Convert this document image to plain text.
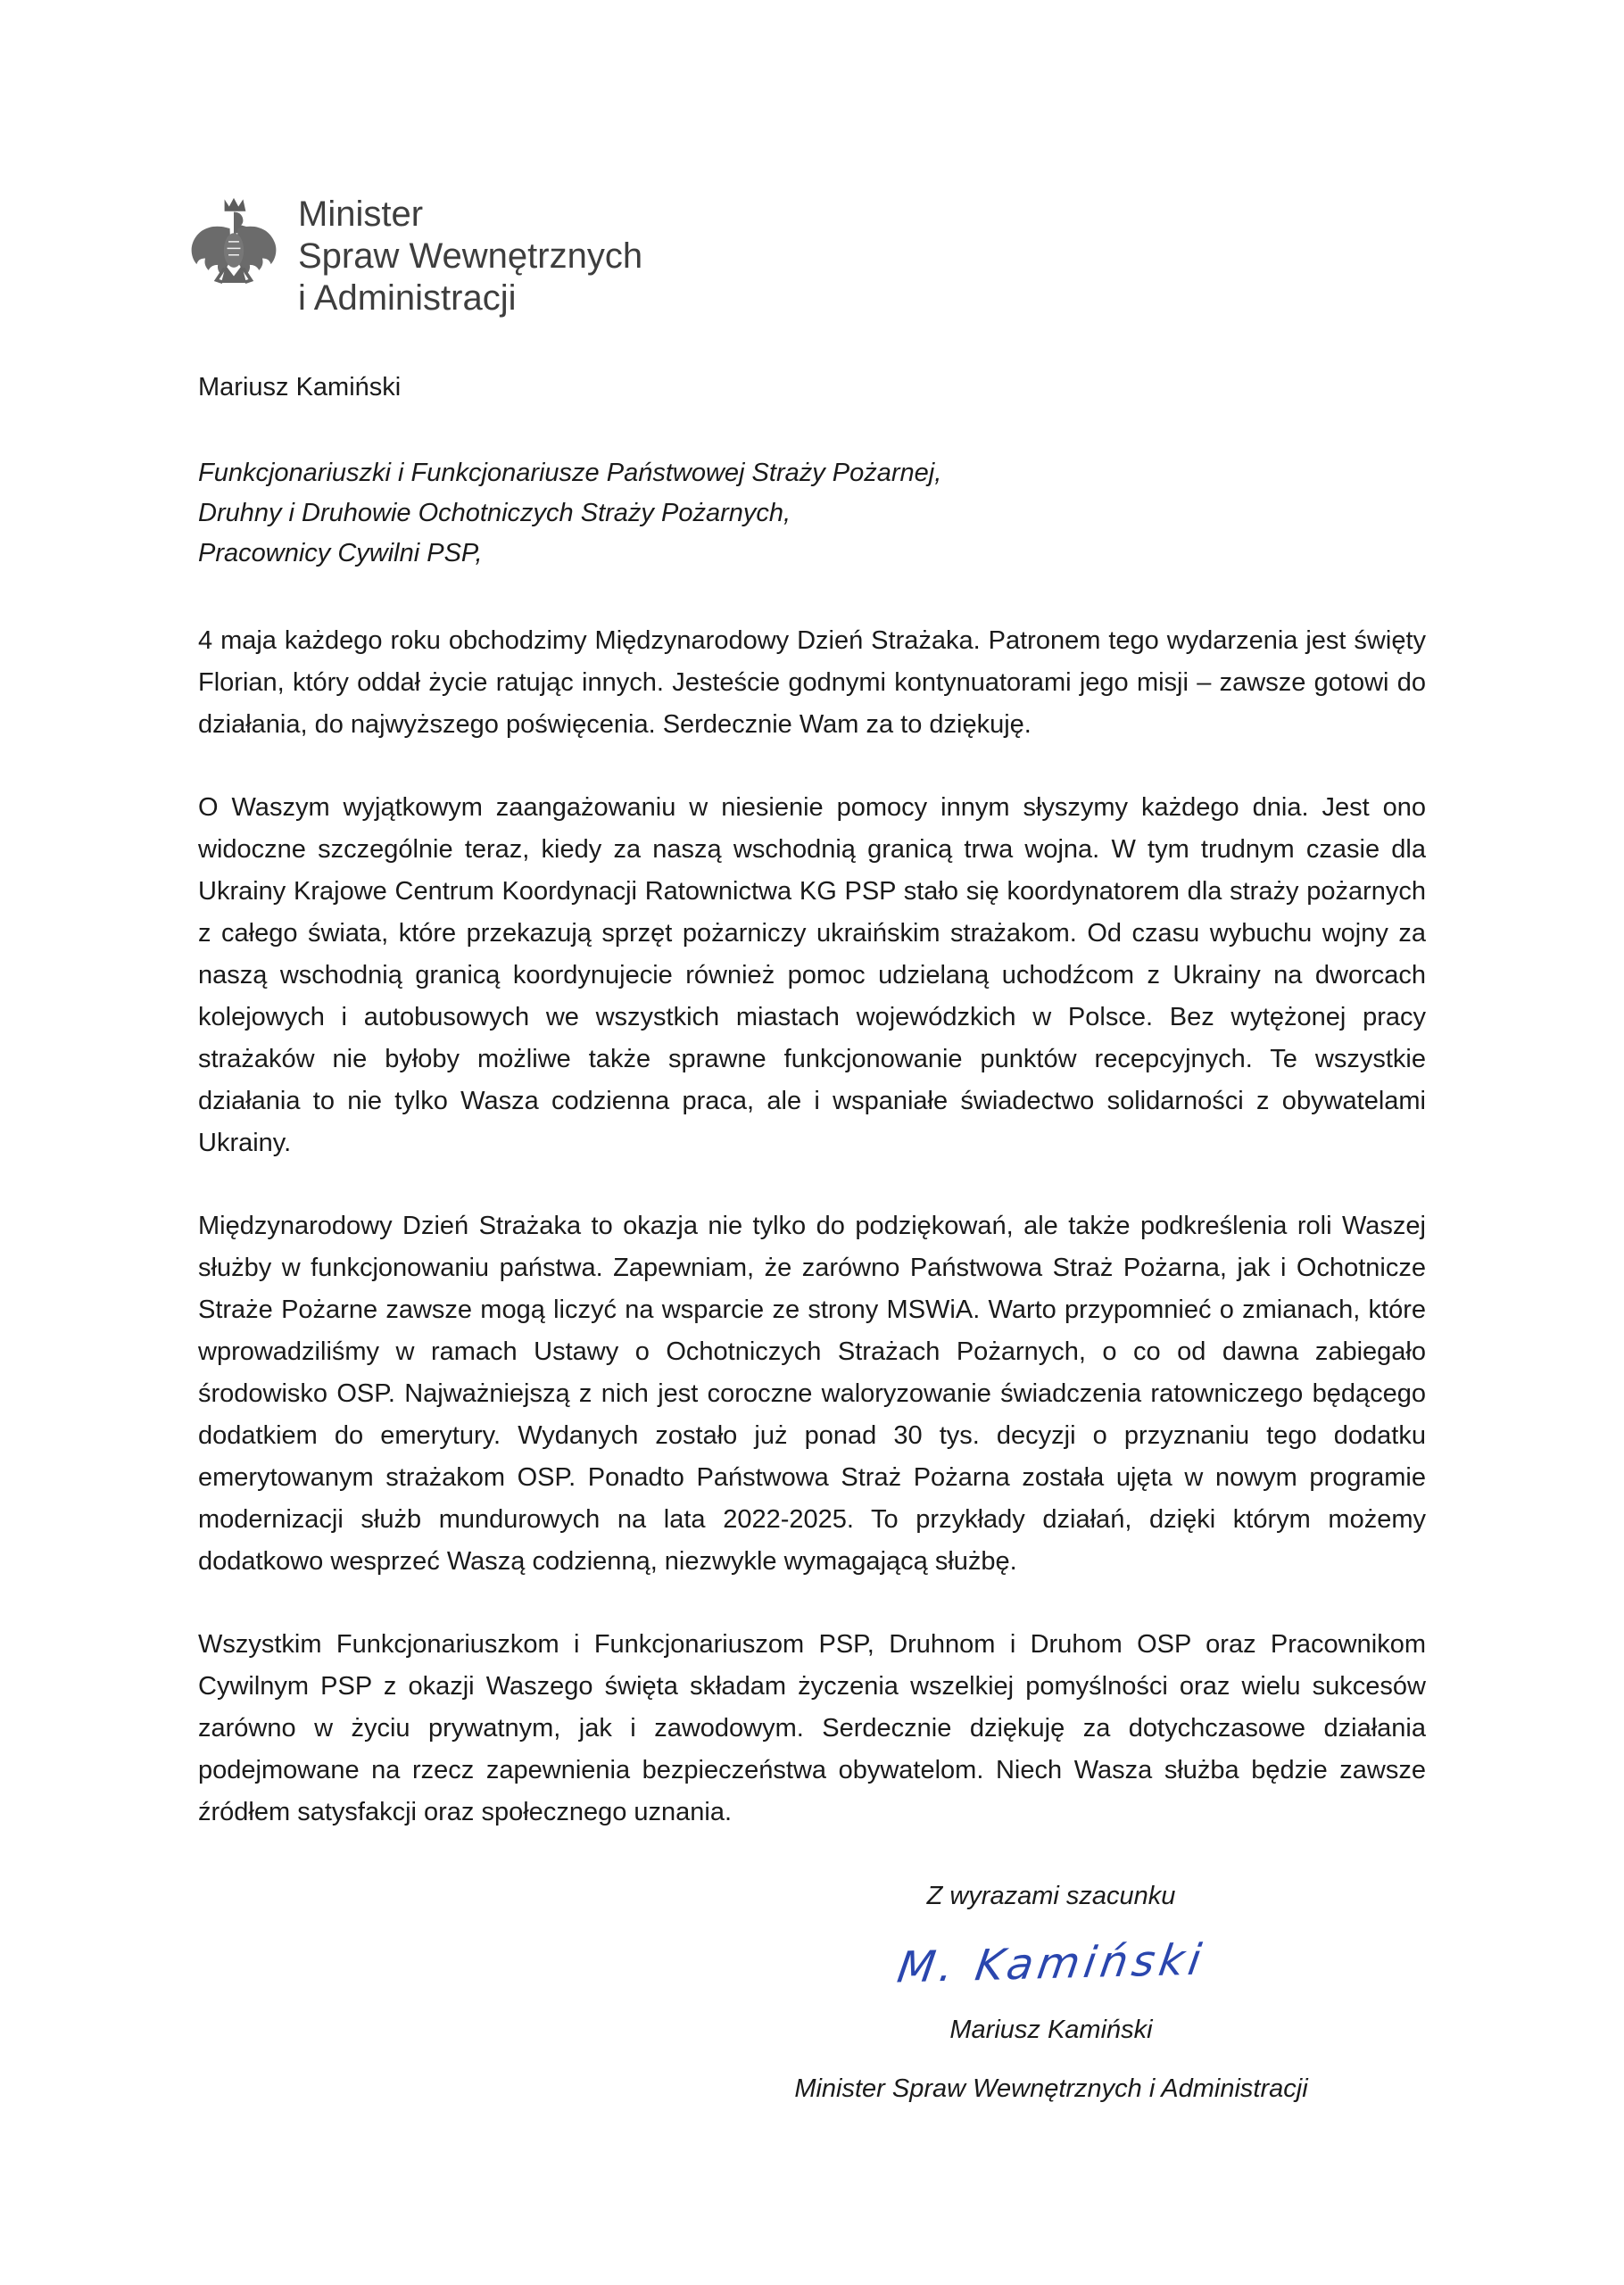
Minister
Spraw Wewnętrznych
i Administracji
Mariusz Kamiński
Funkcjonariuszki i Funkcjonariusze Państwowej Straży Pożarnej,
Druhny i Druhowie Ochotniczych Straży Pożarnych,
Pracownicy Cywilni PSP,

4 maja każdego roku obchodzimy Międzynarodowy Dzień Strażaka. Patronem tego wydarzenia jest święty Florian, który oddał życie ratując innych. Jesteście godnymi kontynuatorami jego misji – zawsze gotowi do działania, do najwyższego poświęcenia. Serdecznie Wam za to dziękuję.

O Waszym wyjątkowym zaangażowaniu w niesienie pomocy innym słyszymy każdego dnia. Jest ono widoczne szczególnie teraz, kiedy za naszą wschodnią granicą trwa wojna. W tym trudnym czasie dla Ukrainy Krajowe Centrum Koordynacji Ratownictwa KG PSP stało się koordynatorem dla straży pożarnych z całego świata, które przekazują sprzęt pożarniczy ukraińskim strażakom. Od czasu wybuchu wojny za naszą wschodnią granicą koordynujecie również pomoc udzielaną uchodźcom z Ukrainy na dworcach kolejowych i autobusowych we wszystkich miastach wojewódzkich w Polsce. Bez wytężonej pracy strażaków nie byłoby możliwe także sprawne funkcjonowanie punktów recepcyjnych. Te wszystkie działania to nie tylko Wasza codzienna praca, ale i wspaniałe świadectwo solidarności z obywatelami Ukrainy.

Międzynarodowy Dzień Strażaka to okazja nie tylko do podziękowań, ale także podkreślenia roli Waszej służby w funkcjonowaniu państwa. Zapewniam, że zarówno Państwowa Straż Pożarna, jak i Ochotnicze Straże Pożarne zawsze mogą liczyć na wsparcie ze strony MSWiA. Warto przypomnieć o zmianach, które wprowadziliśmy w ramach Ustawy o Ochotniczych Strażach Pożarnych, o co od dawna zabiegało środowisko OSP. Najważniejszą z nich jest coroczne waloryzowanie świadczenia ratowniczego będącego dodatkiem do emerytury. Wydanych zostało już ponad 30 tys. decyzji o przyznaniu tego dodatku emerytowanym strażakom OSP. Ponadto Państwowa Straż Pożarna została ujęta w nowym programie modernizacji służb mundurowych na lata 2022-2025. To przykłady działań, dzięki którym możemy dodatkowo wesprzeć Waszą codzienną, niezwykle wymagającą służbę.

Wszystkim Funkcjonariuszkom i Funkcjonariuszom PSP, Druhnom i Druhom OSP oraz Pracownikom Cywilnym PSP z okazji Waszego święta składam życzenia wszelkiej pomyślności oraz wielu sukcesów zarówno w życiu prywatnym, jak i zawodowym. Serdecznie dziękuję za dotychczasowe działania podejmowane na rzecz zapewnienia bezpieczeństwa obywatelom. Niech Wasza służba będzie zawsze źródłem satysfakcji oraz społecznego uznania.

Z wyrazami szacunku
M. Kamiński
Mariusz Kamiński
Minister Spraw Wewnętrznych i Administracji
